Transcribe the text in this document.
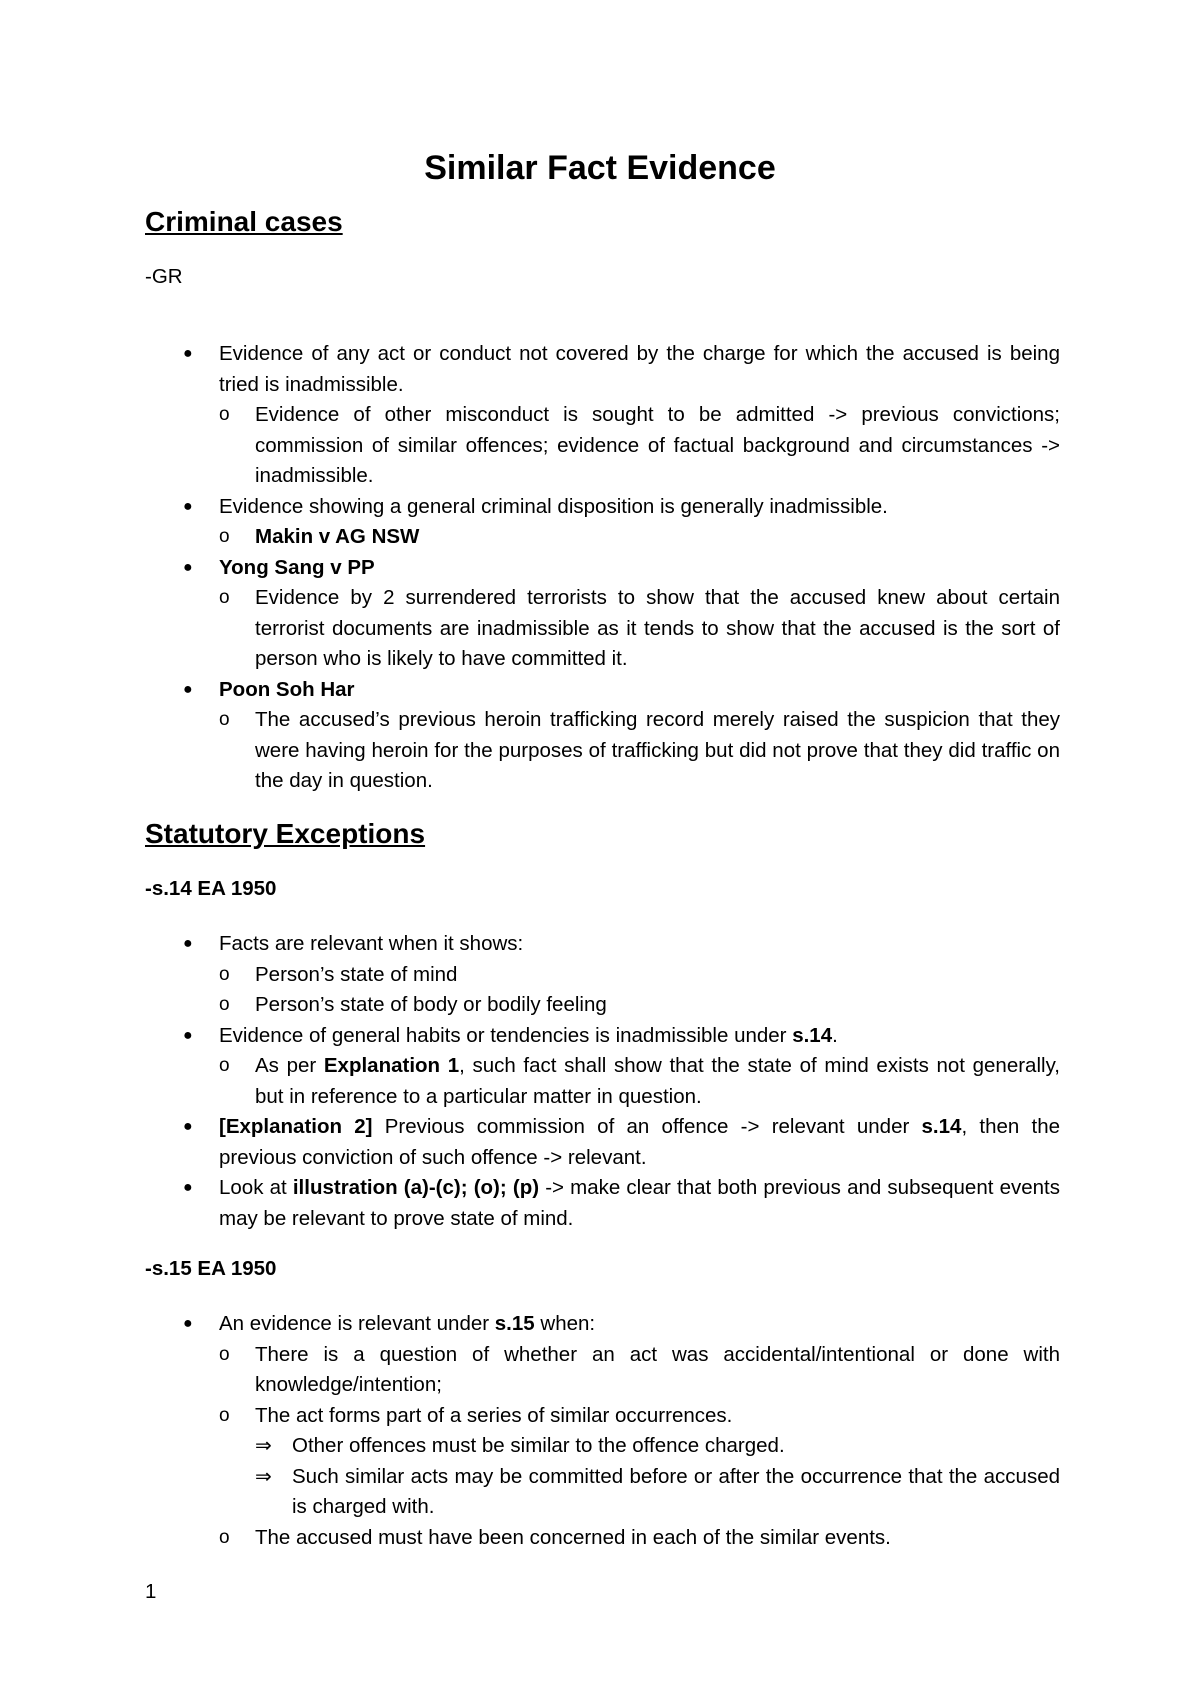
Similar Fact Evidence
Criminal cases

-GR

● Evidence of any act or conduct not covered by the charge for which the accused is being tried is inadmissible.
o Evidence of other misconduct is sought to be admitted -> previous convictions; commission of similar offences; evidence of factual background and circumstances -> inadmissible.
● Evidence showing a general criminal disposition is generally inadmissible.
o Makin v AG NSW
● Yong Sang v PP
o Evidence by 2 surrendered terrorists to show that the accused knew about certain terrorist documents are inadmissible as it tends to show that the accused is the sort of person who is likely to have committed it.
● Poon Soh Har
o The accused’s previous heroin trafficking record merely raised the suspicion that they were having heroin for the purposes of trafficking but did not prove that they did traffic on the day in question.
Statutory Exceptions

-s.14 EA 1950

● Facts are relevant when it shows:
o Person’s state of mind
o Person’s state of body or bodily feeling
● Evidence of general habits or tendencies is inadmissible under s.14.
o As per Explanation 1, such fact shall show that the state of mind exists not generally, but in reference to a particular matter in question.
● [Explanation 2] Previous commission of an offence -> relevant under s.14, then the previous conviction of such offence -> relevant.
● Look at illustration (a)-(c); (o); (p) -> make clear that both previous and subsequent events may be relevant to prove state of mind.

-s.15 EA 1950

● An evidence is relevant under s.15 when:
o There is a question of whether an act was accidental/intentional or done with knowledge/intention;
o The act forms part of a series of similar occurrences.
⇒ Other offences must be similar to the offence charged.
⇒ Such similar acts may be committed before or after the occurrence that the accused is charged with.
o The accused must have been concerned in each of the similar events.

1
